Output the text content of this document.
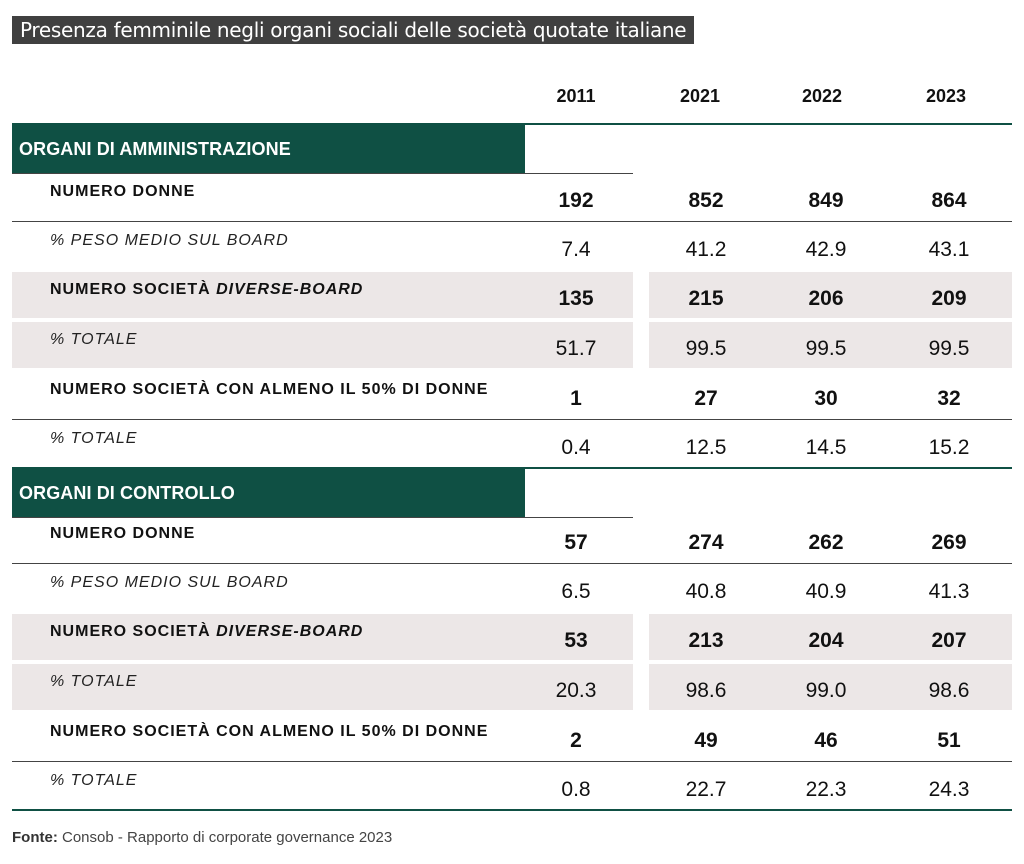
Presenza femminile negli organi sociali delle società quotate italiane
2011	2021	2022	2023
ORGANI DI AMMINISTRAZIONE
NUMERO DONNE	192	852	849	864
% PESO MEDIO SUL BOARD	7.4	41.2	42.9	43.1
NUMERO SOCIETÀ DIVERSE-BOARD	135	215	206	209
% TOTALE	51.7	99.5	99.5	99.5
NUMERO SOCIETÀ CON ALMENO IL 50% DI DONNE	1	27	30	32
% TOTALE	0.4	12.5	14.5	15.2
ORGANI DI CONTROLLO
NUMERO DONNE	57	274	262	269
% PESO MEDIO SUL BOARD	6.5	40.8	40.9	41.3
NUMERO SOCIETÀ DIVERSE-BOARD	53	213	204	207
% TOTALE	20.3	98.6	99.0	98.6
NUMERO SOCIETÀ CON ALMENO IL 50% DI DONNE	2	49	46	51
% TOTALE	0.8	22.7	22.3	24.3
Fonte: Consob - Rapporto di corporate governance 2023
